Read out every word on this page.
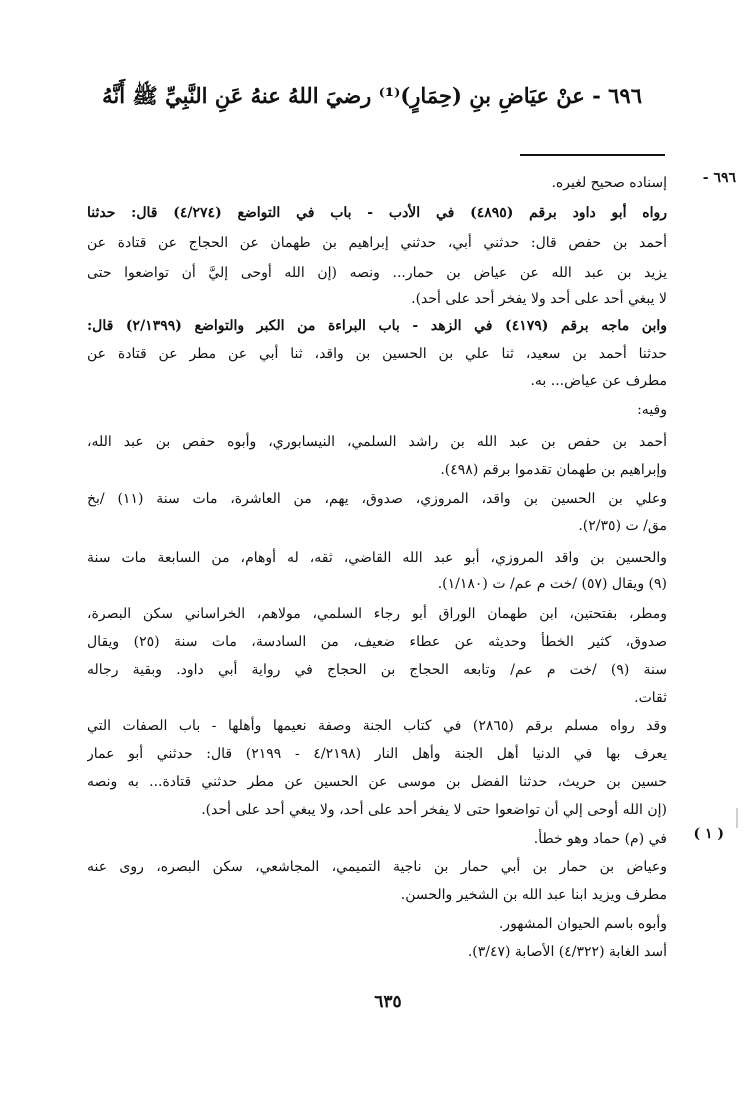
٦٩٦ - عنْ عيَاضِ بنِ (حِمَارٍ)⁽¹⁾ رضيَ اللهُ عنهُ عَنِ النَّبِيِّ ﷺ أَنَّهُ
٦٩٦ -
( ١ )
إسناده صحيح لغيره.
رواه أبو داود برقم (٤٨٩٥) في الأدب - باب في التواضع (٤/٢٧٤) قال: حدثنا
أحمد بن حفص قال: حدثني أبي، حدثني إبراهيم بن طهمان عن الحجاج عن قتادة عن
يزيد بن عبد الله عن عياض بن حمار... ونصه (إن الله أوحى إليَّ أن تواضعوا حتى
لا يبغي أحد على أحد ولا يفخر أحد على أحد).
وابن ماجه برقم (٤١٧٩) في الزهد - باب البراءة من الكبر والتواضع (٢/١٣٩٩) قال:
حدثنا أحمد بن سعيد، ثنا علي بن الحسين بن واقد، ثنا أبي عن مطر عن قتادة عن
مطرف عن عياض... به.
وفيه:
أحمد بن حفص بن عبد الله بن راشد السلمي، النيسابوري، وأبوه حفص بن عبد الله،
وإبراهيم بن طهمان تقدموا برقم (٤٩٨).
وعلي بن الحسين بن واقد، المروزي، صدوق، يهم، من العاشرة، مات سنة (١١) /بخ
مق/ ت (٢/٣٥).
والحسين بن واقد المروزي، أبو عبد الله القاضي، ثقه، له أوهام، من السابعة مات سنة
(٩) ويقال (٥٧) /خت م عم/ ت (١/١٨٠).
ومطر، بفتحتين، ابن طهمان الوراق أبو رجاء السلمي، مولاهم، الخراساني سكن البصرة،
صدوق، كثير الخطأ وحديثه عن عطاء ضعيف، من السادسة، مات سنة (٢٥) ويقال
سنة (٩) /خت م عم/ وتابعه الحجاج بن الحجاج في رواية أبي داود. وبقية رجاله
ثقات.
وقد رواه مسلم برقم (٢٨٦٥) في كتاب الجنة وصفة نعيمها وأهلها - باب الصفات التي
يعرف بها في الدنيا أهل الجنة وأهل النار (٤/٢١٩٨ - ٢١٩٩) قال: حدثني أبو عمار
حسين بن حريث، حدثنا الفضل بن موسى عن الحسين عن مطر حدثني قتادة... به ونصه
(إن الله أوحى إلي أن تواضعوا حتى لا يفخر أحد على أحد، ولا يبغي أحد على أحد).
في (م) حماد وهو خطأ.
وعياض بن حمار بن أبي حمار بن ناجية التميمي، المجاشعي، سكن البصره، روى عنه
مطرف ويزيد ابنا عبد الله بن الشخير والحسن.
وأبوه باسم الحيوان المشهور.
أسد الغابة (٤/٣٢٢) الأصابة (٣/٤٧).
٦٣٥
